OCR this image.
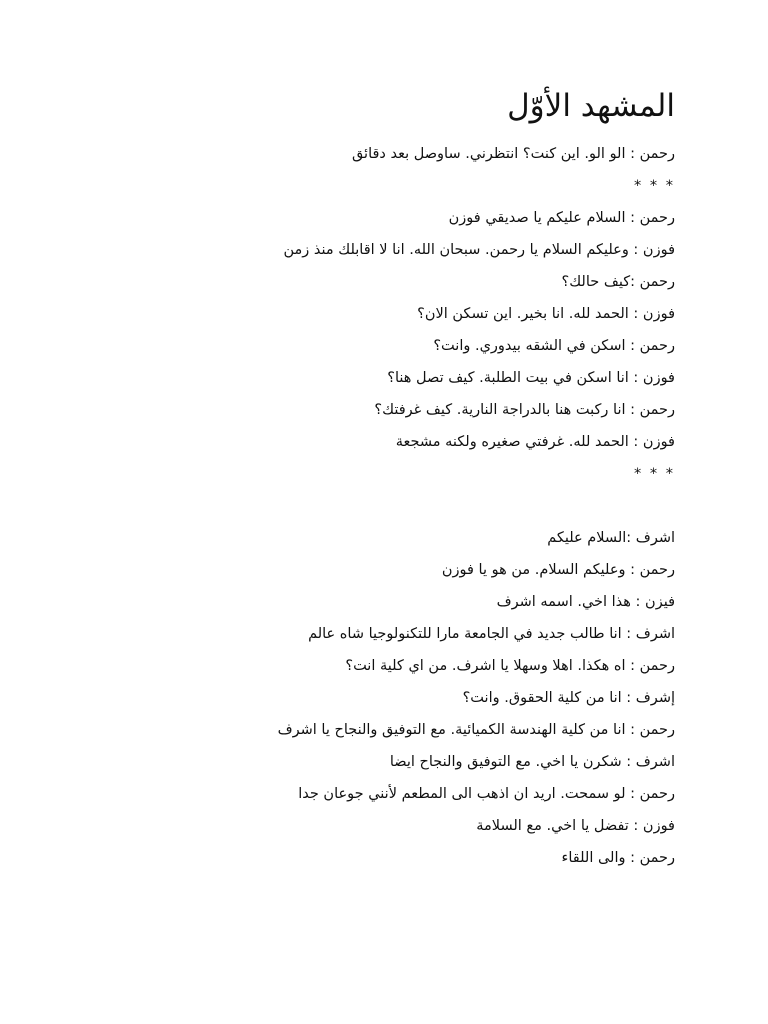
المشهد الأوّل
رحمن : الو الو. اين كنت؟ انتظرني. ساوصل بعد دقائق
* * *
رحمن : السلام عليكم يا صديقي فوزن
فوزن : وعليكم السلام يا رحمن. سبحان الله. انا لا اقابلك منذ زمن
رحمن :كيف حالك؟
فوزن : الحمد لله. انا بخير. اين تسكن الان؟
رحمن : اسكن في الشقه بيدوري. وانت؟
فوزن : انا اسكن في بيت الطلبة. كيف تصل هنا؟
رحمن : انا ركبت هنا بالدراجة النارية. كيف غرفتك؟
فوزن : الحمد لله. غرفتي صغيره ولكنه مشجعة
* * *
اشرف :السلام عليكم
رحمن : وعليكم السلام. من هو يا فوزن
فيزن : هذا اخي. اسمه اشرف
اشرف : انا طالب جديد في الجامعة مارا للتكنولوجيا شاه عالم
رحمن : اه هكذا. اهلا وسهلا يا اشرف. من اي كلية انت؟
إشرف : انا من كلية الحقوق. وانت؟
رحمن : انا من كلية الهندسة الكميائية. مع التوفيق والنجاح يا اشرف
اشرف : شكرن يا اخي. مع التوفيق والنجاح ايضا
رحمن : لو سمحت. اريد ان اذهب الى المطعم لأنني جوعان جدا
فوزن : تفضل يا اخي. مع السلامة
رحمن : والى اللقاء
